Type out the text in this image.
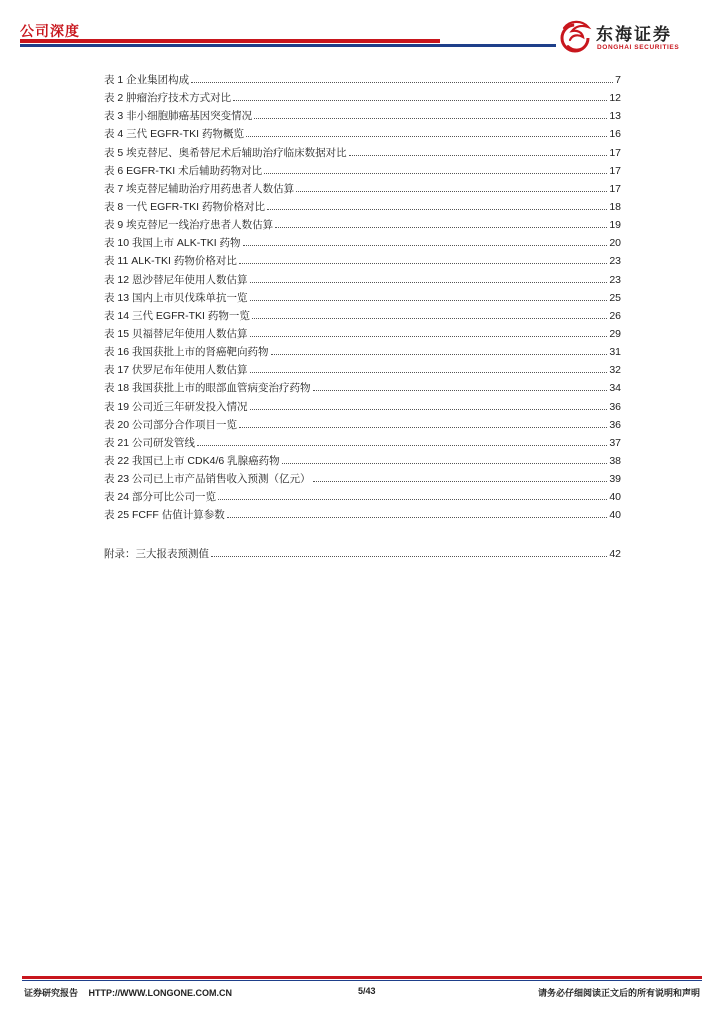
公司深度	东海证券
DONGHAI SECURITIES
表 1 企业集团构成	7
表 2 肿瘤治疗技术方式对比	12
表 3 非小细胞肺癌基因突变情况	13
表 4 三代 EGFR-TKI 药物概览	16
表 5 埃克替尼、奥希替尼术后辅助治疗临床数据对比	17
表 6 EGFR-TKI 术后辅助药物对比	17
表 7 埃克替尼辅助治疗用药患者人数估算	17
表 8 一代 EGFR-TKI 药物价格对比	18
表 9 埃克替尼一线治疗患者人数估算	19
表 10 我国上市 ALK-TKI 药物	20
表 11 ALK-TKI 药物价格对比	23
表 12 恩沙替尼年使用人数估算	23
表 13 国内上市贝伐珠单抗一览	25
表 14 三代 EGFR-TKI 药物一览	26
表 15 贝福替尼年使用人数估算	29
表 16 我国获批上市的肾癌靶向药物	31
表 17 伏罗尼布年使用人数估算	32
表 18 我国获批上市的眼部血管病变治疗药物	34
表 19 公司近三年研发投入情况	36
表 20 公司部分合作项目一览	36
表 21 公司研发管线	37
表 22 我国已上市 CDK4/6 乳腺癌药物	38
表 23 公司已上市产品销售收入预测（亿元）	39
表 24 部分可比公司一览	40
表 25 FCFF 估值计算参数	40
附录：三大报表预测值	42
证券研究报告 HTTP://WWW.LONGONE.COM.CN	5/43	请务必仔细阅读正文后的所有说明和声明
